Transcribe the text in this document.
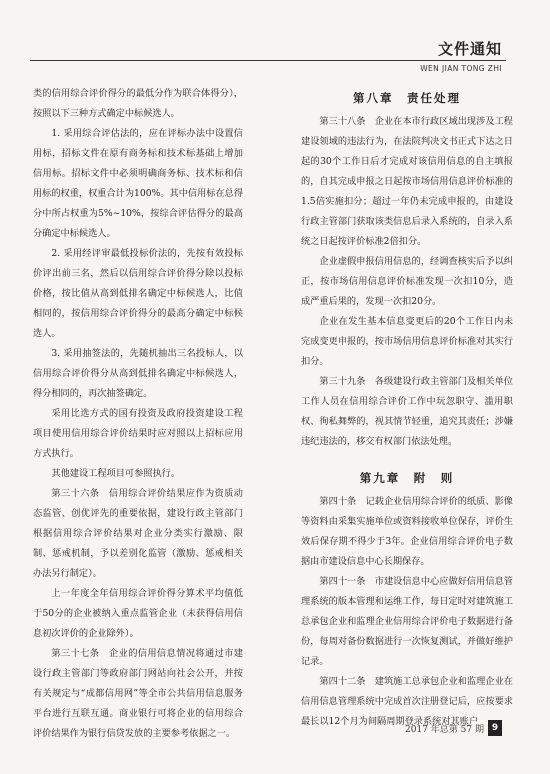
文件通知
WEN JIAN TONG ZHI

类的信用综合评价得分的最低分作为联合体得分），按照以下三种方式确定中标候选人。

1. 采用综合评估法的，应在评标办法中设置信用标，招标文件在原有商务标和技术标基础上增加信用标。招标文件中必须明确商务标、技术标和信用标的权重，权重合计为100%。其中信用标在总得分中所占权重为5%~10%，按综合评估得分的最高分确定中标候选人。

2. 采用经评审最低投标价法的，先按有效投标价评出前三名，然后以信用综合评价得分除以投标价格，按比值从高到低排名确定中标候选人，比值相同的，按信用综合评价得分的最高分确定中标候选人。

3. 采用抽签法的，先随机抽出三名投标人，以信用综合评价得分从高到低排名确定中标候选人，得分相同的，再次抽签确定。

采用比选方式的国有投资及政府投资建设工程项目使用信用综合评价结果时应对照以上招标应用方式执行。

其他建设工程项目可参照执行。

第三十六条　信用综合评价结果应作为资质动态监管、创优评先的重要依据，建设行政主管部门根据信用综合评价结果对企业分类实行激励、限制、惩戒机制，予以差别化监管（激励、惩戒相关办法另行制定）。

上一年度全年信用综合评价得分算术平均值低于50分的企业被纳入重点监管企业（未获得信用信息初次评价的企业除外）。

第三十七条　企业的信用信息情况将通过市建设行政主管部门等政府部门网站向社会公开，并按有关规定与“成都信用网”等全市公共信用信息服务平台进行互联互通。商业银行可将企业的信用综合评价结果作为银行信贷发放的主要参考依据之一。

第八章　责任处理

第三十八条　企业在本市行政区域出现涉及工程建设领域的违法行为，在法院判决文书正式下达之日起的30个工作日后才完成对该信用信息的自主填报的，自其完成申报之日起按市场信用信息评价标准的1.5倍实施扣分；超过一年仍未完成申报的，由建设行政主管部门获取该类信息后录入系统的，自录入系统之日起按评价标准2倍扣分。

企业虚假申报信用信息的，经调查核实后予以纠正，按市场信用信息评价标准发现一次扣10分，造成严重后果的，发现一次扣20分。

企业在发生基本信息变更后的20个工作日内未完成变更申报的，按市场信用信息评价标准对其实行扣分。

第三十九条　各级建设行政主管部门及相关单位工作人员在信用综合评价工作中玩忽职守、滥用职权、徇私舞弊的，视其情节轻重，追究其责任；涉嫌违纪违法的，移交有权部门依法处理。

第九章　附　则

第四十条　记载企业信用综合评价的纸质、影像等资料由采集实施单位或资料接收单位保存，评价生效后保存期不得少于3年。企业信用综合评价电子数据由市建设信息中心长期保存。

第四十一条　市建设信息中心应做好信用信息管理系统的版本管理和运维工作，每日定时对建筑施工总承包企业和监理企业信用综合评价电子数据进行备份，每周对备份数据进行一次恢复测试，并做好维护记录。

第四十二条　建筑施工总承包企业和监理企业在信用信息管理系统中完成首次注册登记后，应按要求最长以12个月为间隔周期登录系统对其账户

2017 年总第 57 期 9
